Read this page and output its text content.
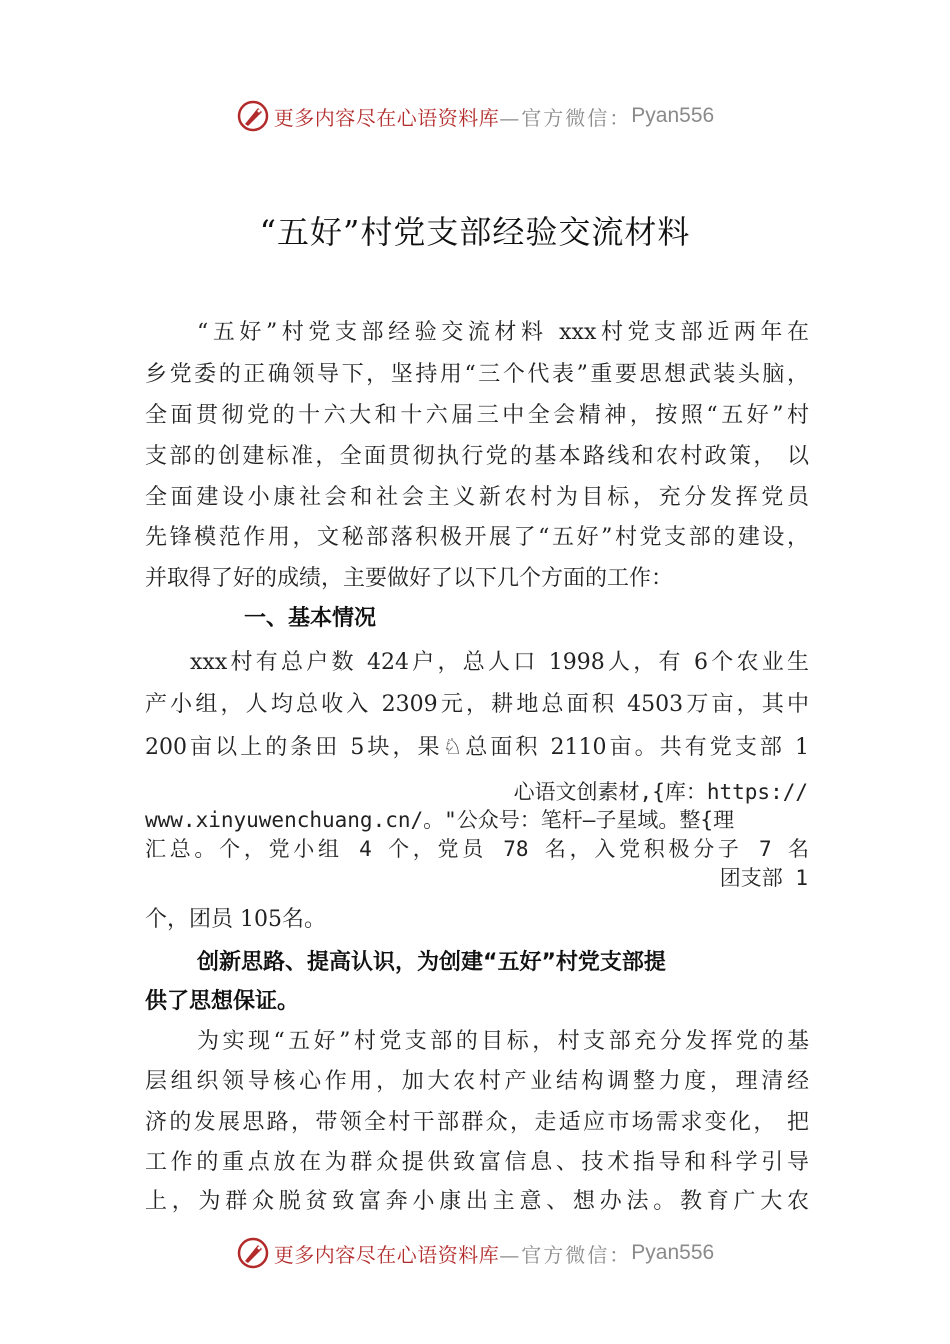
更多内容尽在心语资料库 —官方微信： Pyan556
“五好”村党支部经验交流材料
“五好”村党支部经验交流材料 xxx村党支部近两年在
乡党委的正确领导下，坚持用“三个代表”重要思想武装头脑，
全面贯彻党的十六大和十六届三中全会精神，按照“五好”村
支部的创建标准，全面贯彻执行党的基本路线和农村政策， 以
全面建设小康社会和社会主义新农村为目标，充分发挥党员
先锋模范作用，文秘部落积极开展了“五好”村党支部的建设，
并取得了好的成绩，主要做好了以下几个方面的工作：
一、基本情况
xxx村有总户数 424户，总人口 1998人，有 6个农业生
产小组，人均总收入 2309元，耕地总面积 4503万亩，其中
200亩以上的条田 5块，果♘总面积 2110亩。共有党支部 1
心语文创素材,{库：https://
www.xinyuwenchuang.cn/。"公众号：笔杆—子星域。整{理
汇总。个，党小组 4 个，党员 78 名，入党积极分子 7 名
团支部 1
个，团员 105名。
创新思路、提高认识，为创建“五好”村党支部提
供了思想保证。
为实现“五好”村党支部的目标，村支部充分发挥党的基
层组织领导核心作用，加大农村产业结构调整力度，理清经
济的发展思路，带领全村干部群众，走适应市场需求变化， 把
工作的重点放在为群众提供致富信息、技术指导和科学引导
上，为群众脱贫致富奔小康出主意、想办法。教育广大农
更多内容尽在心语资料库 —官方微信： Pyan556
